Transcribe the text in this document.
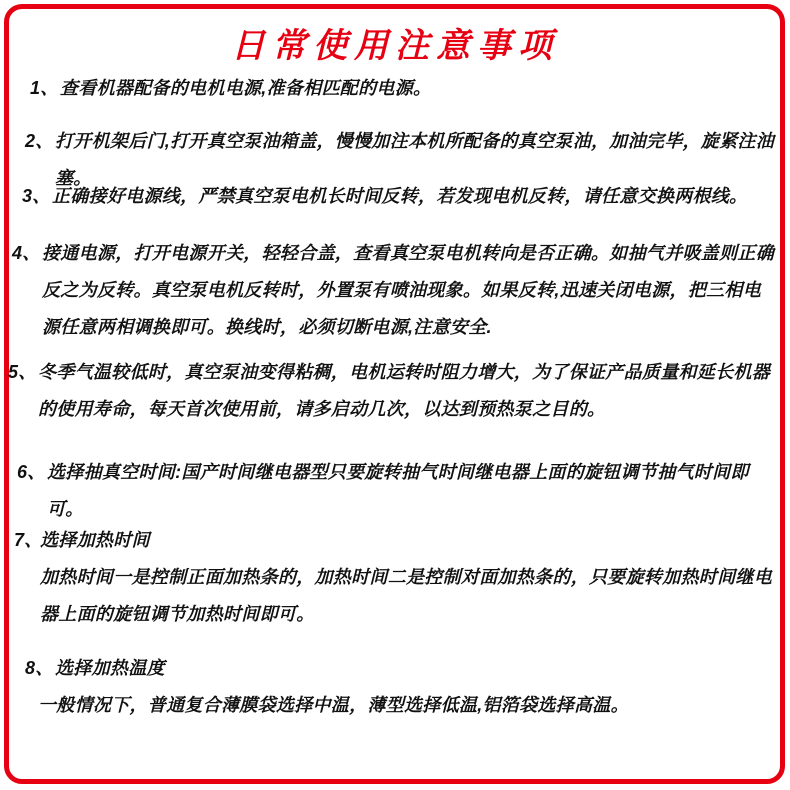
日常使用注意事项
1、 查看机器配备的电机电源,准备相匹配的电源。
2、 打开机架后门,打开真空泵油箱盖，慢慢加注本机所配备的真空泵油，加油完毕，旋紧注油塞。
3、 正确接好电源线，严禁真空泵电机长时间反转，若发现电机反转，请任意交换两根线。
4、 接通电源，打开电源开关，轻轻合盖，查看真空泵电机转向是否正确。如抽气并吸盖则正确反之为反转。真空泵电机反转时，外置泵有喷油现象。如果反转,迅速关闭电源，把三相电源任意两相调换即可。换线时，必须切断电源,注意安全.
5、 冬季气温较低时，真空泵油变得粘稠，电机运转时阻力增大，为了保证产品质量和延长机器的使用寿命，每天首次使用前，请多启动几次，以达到预热泵之目的。
6、 选择抽真空时间:国产时间继电器型只要旋转抽气时间继电器上面的旋钮调节抽气时间即可。
7、
选择加热时间
加热时间一是控制正面加热条的，加热时间二是控制对面加热条的，只要旋转加热时间继电器上面的旋钮调节加热时间即可。
8、 选择加热温度
一般情况下，普通复合薄膜袋选择中温，薄型选择低温,铝箔袋选择高温。
